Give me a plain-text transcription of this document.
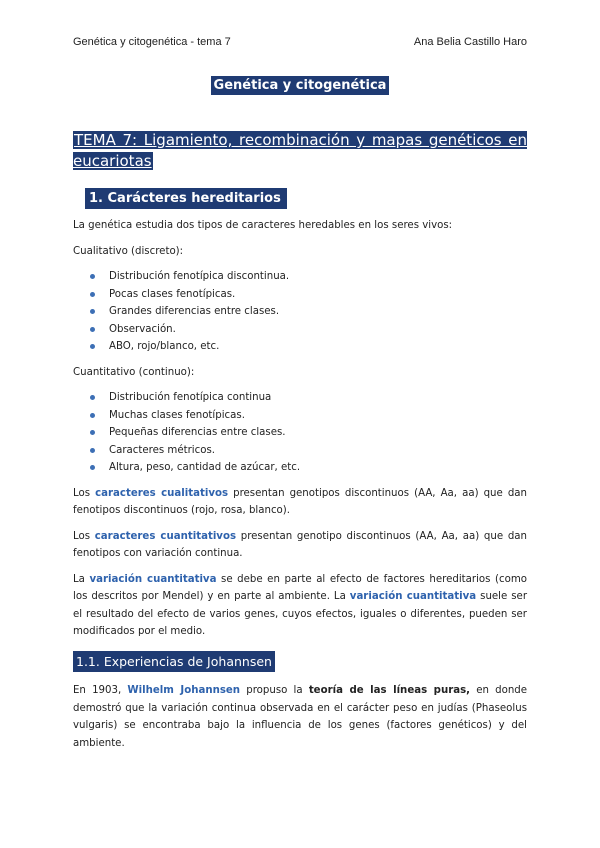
Genética y citogenética - tema 7	Ana Belia Castillo Haro
Genética y citogenética
TEMA 7: Ligamiento, recombinación y mapas genéticos en eucariotas
1. Carácteres hereditarios

La genética estudia dos tipos de caracteres heredables en los seres vivos:

Cualitativo (discreto):

Distribución fenotípica discontinua.
Pocas clases fenotípicas.
Grandes diferencias entre clases.
Observación.
ABO, rojo/blanco, etc.

Cuantitativo (continuo):

Distribución fenotípica continua
Muchas clases fenotípicas.
Pequeñas diferencias entre clases.
Caracteres métricos.
Altura, peso, cantidad de azúcar, etc.

Los caracteres cualitativos presentan genotipos discontinuos (AA, Aa, aa) que dan fenotipos discontinuos (rojo, rosa, blanco).

Los caracteres cuantitativos presentan genotipo discontinuos (AA, Aa, aa) que dan fenotipos con variación continua.

La variación cuantitativa se debe en parte al efecto de factores hereditarios (como los descritos por Mendel) y en parte al ambiente. La variación cuantitativa suele ser el resultado del efecto de varios genes, cuyos efectos, iguales o diferentes, pueden ser modificados por el medio.

1.1. Experiencias de Johannsen

En 1903, Wilhelm Johannsen propuso la teoría de las líneas puras, en donde demostró que la variación continua observada en el carácter peso en judías (Phaseolus vulgaris) se encontraba bajo la influencia de los genes (factores genéticos) y del ambiente.
